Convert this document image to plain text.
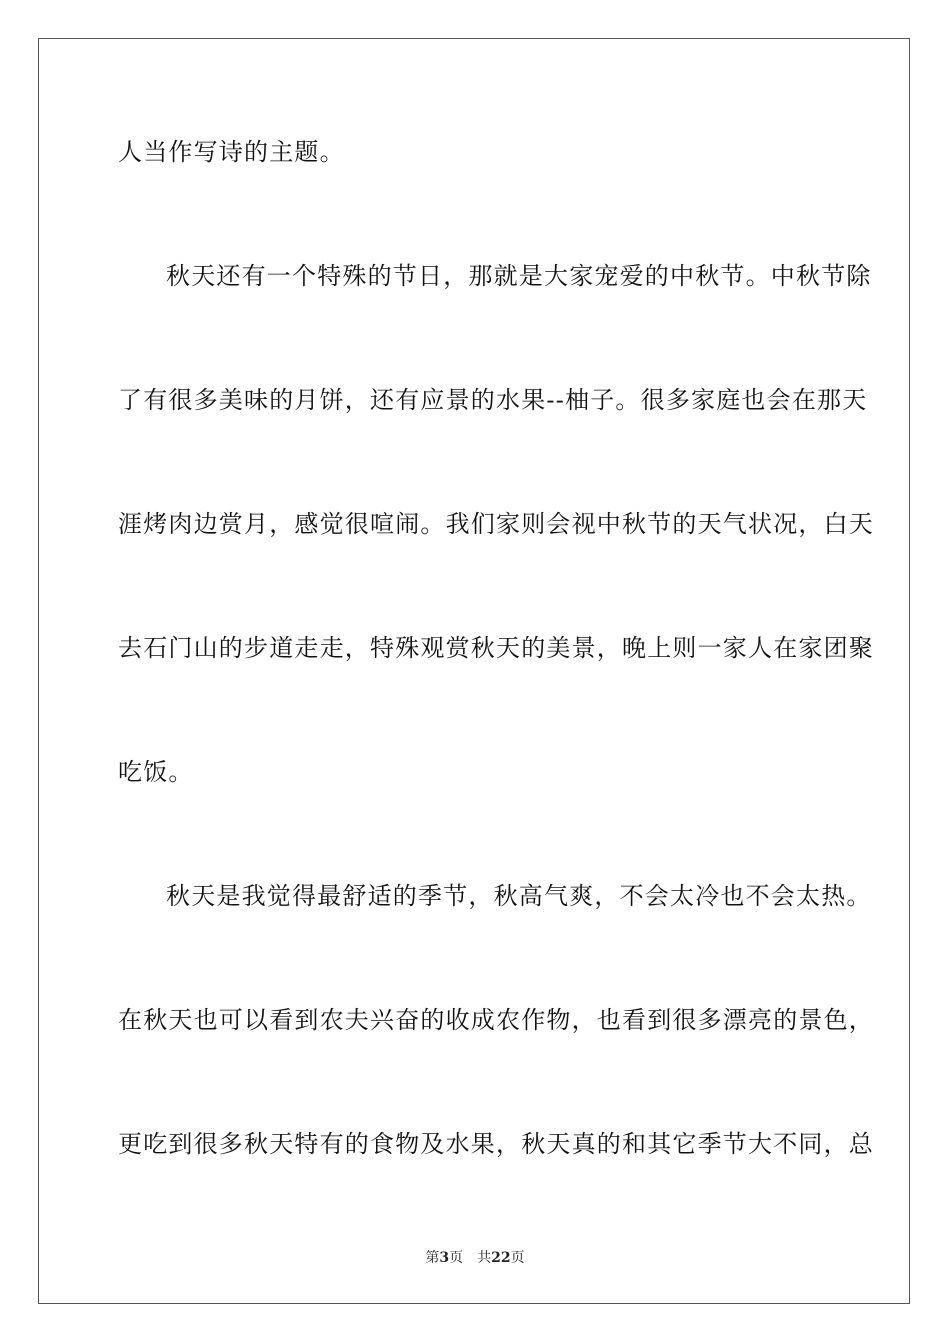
人当作写诗的主题。
秋天还有一个特殊的节日，那就是大家宠爱的中秋节。中秋节除
了有很多美味的月饼，还有应景的水果--柚子。很多家庭也会在那天
涯烤肉边赏月，感觉很喧闹。我们家则会视中秋节的天气状况，白天
去石门山的步道走走，特殊观赏秋天的美景，晚上则一家人在家团聚
吃饭。
秋天是我觉得最舒适的季节，秋高气爽，不会太冷也不会太热。
在秋天也可以看到农夫兴奋的收成农作物，也看到很多漂亮的景色，
更吃到很多秋天特有的食物及水果，秋天真的和其它季节大不同，总
第3页 共22页
